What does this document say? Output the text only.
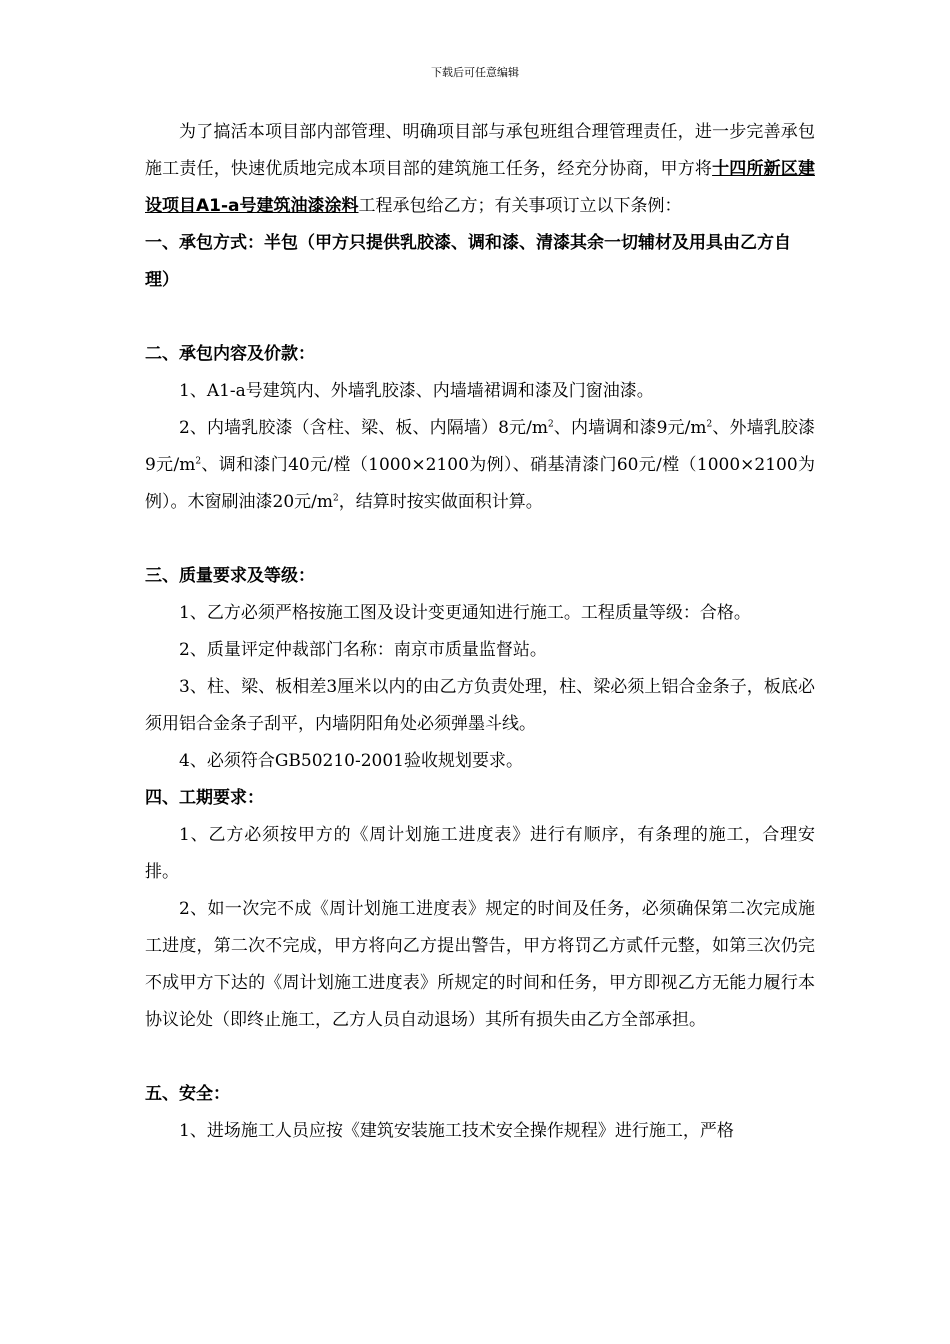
下载后可任意编辑

为了搞活本项目部内部管理、明确项目部与承包班组合理管理责任，进一步完善承包施工责任，快速优质地完成本项目部的建筑施工任务，经充分协商，甲方将十四所新区建设项目A1-a号建筑油漆涂料工程承包给乙方；有关事项订立以下条例：

一、承包方式：半包（甲方只提供乳胶漆、调和漆、清漆其余一切辅材及用具由乙方自理）

二、承包内容及价款：

1、A1-a号建筑内、外墙乳胶漆、内墙墙裙调和漆及门窗油漆。

2、内墙乳胶漆（含柱、梁、板、内隔墙）8元$/m^2$、内墙调和漆9元$/m^2$、外墙乳胶漆9元$/m^2$、调和漆门40元/樘（1000×2100为例）、硝基清漆门60元/樘（1000×2100为例）。木窗刷油漆20元$/m^2$，结算时按实做面积计算。

三、质量要求及等级：

1、乙方必须严格按施工图及设计变更通知进行施工。工程质量等级：合格。

2、质量评定仲裁部门名称：南京市质量监督站。

3、柱、梁、板相差3厘米以内的由乙方负责处理，柱、梁必须上铝合金条子，板底必须用铝合金条子刮平，内墙阴阳角处必须弹墨斗线。

4、必须符合GB50210-2001验收规划要求。

四、工期要求：

1、乙方必须按甲方的《周计划施工进度表》进行有顺序，有条理的施工，合理安排。

2、如一次完不成《周计划施工进度表》规定的时间及任务，必须确保第二次完成施工进度，第二次不完成，甲方将向乙方提出警告，甲方将罚乙方贰仟元整，如第三次仍完不成甲方下达的《周计划施工进度表》所规定的时间和任务，甲方即视乙方无能力履行本协议论处（即终止施工，乙方人员自动退场）其所有损失由乙方全部承担。

五、安全：

1、进场施工人员应按《建筑安装施工技术安全操作规程》进行施工，严格
